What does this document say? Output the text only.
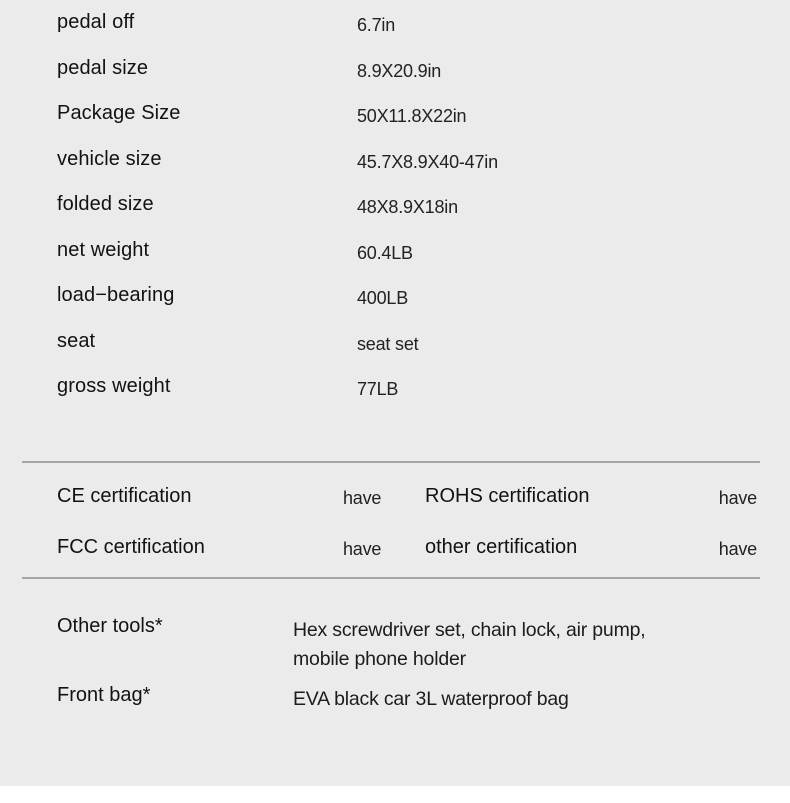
pedal off	6.7in
pedal size	8.9X20.9in
Package Size	50X11.8X22in
vehicle size	45.7X8.9X40-47in
folded size	48X8.9X18in
net weight	60.4LB
load−bearing	400LB
seat	seat set
gross weight	77LB
CE certification	have	ROHS certification	have
FCC certification	have	other certification	have
Other tools*	Hex screwdriver set, chain lock, air pump, mobile phone holder
Front bag*	EVA black car 3L waterproof bag
